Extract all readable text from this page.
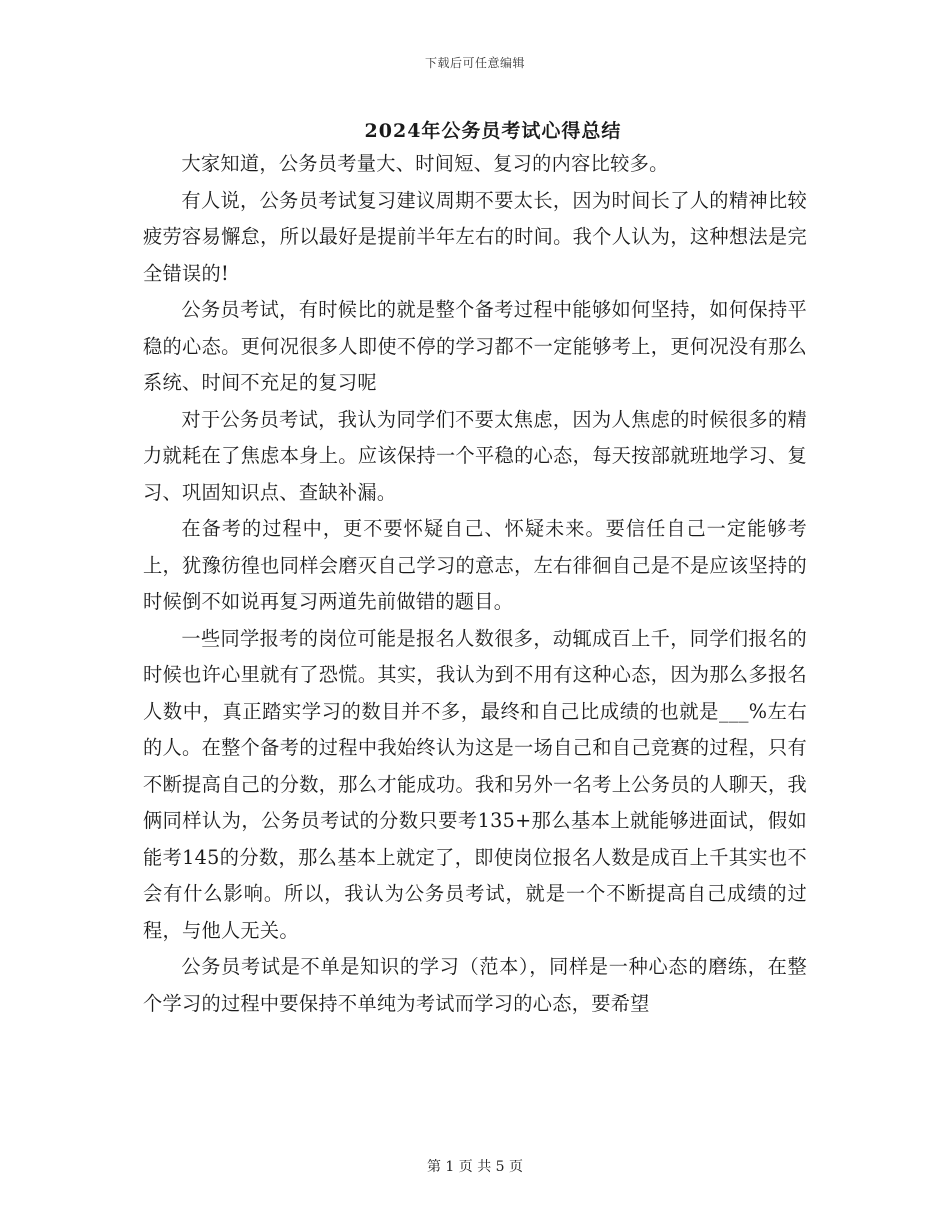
下载后可任意编辑
2024年公务员考试心得总结

大家知道，公务员考量大、时间短、复习的内容比较多。

有人说，公务员考试复习建议周期不要太长，因为时间长了人的精神比较疲劳容易懈怠，所以最好是提前半年左右的时间。我个人认为，这种想法是完全错误的!

公务员考试，有时候比的就是整个备考过程中能够如何坚持，如何保持平稳的心态。更何况很多人即使不停的学习都不一定能够考上，更何况没有那么系统、时间不充足的复习呢

对于公务员考试，我认为同学们不要太焦虑，因为人焦虑的时候很多的精力就耗在了焦虑本身上。应该保持一个平稳的心态，每天按部就班地学习、复习、巩固知识点、查缺补漏。

在备考的过程中，更不要怀疑自己、怀疑未来。要信任自己一定能够考上，犹豫彷徨也同样会磨灭自己学习的意志，左右徘徊自己是不是应该坚持的时候倒不如说再复习两道先前做错的题目。

一些同学报考的岗位可能是报名人数很多，动辄成百上千，同学们报名的时候也许心里就有了恐慌。其实，我认为到不用有这种心态，因为那么多报名人数中，真正踏实学习的数目并不多，最终和自己比成绩的也就是___%左右的人。在整个备考的过程中我始终认为这是一场自己和自己竞赛的过程，只有不断提高自己的分数，那么才能成功。我和另外一名考上公务员的人聊天，我俩同样认为，公务员考试的分数只要考135+那么基本上就能够进面试，假如能考145的分数，那么基本上就定了，即使岗位报名人数是成百上千其实也不会有什么影响。所以，我认为公务员考试，就是一个不断提高自己成绩的过程，与他人无关。

公务员考试是不单是知识的学习（范本），同样是一种心态的磨练，在整个学习的过程中要保持不单纯为考试而学习的心态，要希望

第 1 页 共 5 页
